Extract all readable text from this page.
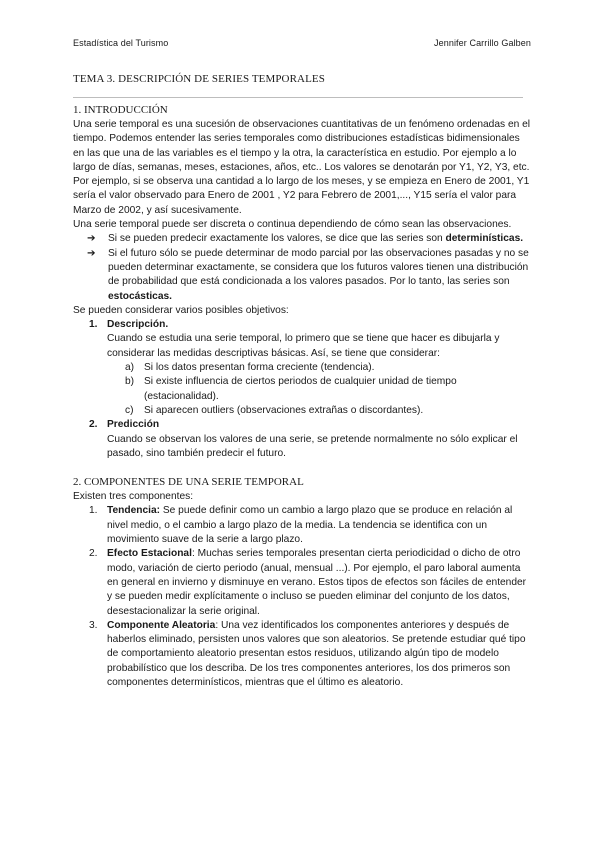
Estadística del Turismo	Jennifer Carrillo Galben
TEMA 3. DESCRIPCIÓN DE SERIES TEMPORALES
1. INTRODUCCIÓN

Una serie temporal es una sucesión de observaciones cuantitativas de un fenómeno ordenadas en el tiempo. Podemos entender las series temporales como distribuciones estadísticas bidimensionales en las que una de las variables es el tiempo y la otra, la característica en estudio. Por ejemplo a lo largo de días, semanas, meses, estaciones, años, etc.. Los valores se denotarán por Y1, Y2, Y3, etc. Por ejemplo, si se observa una cantidad a lo largo de los meses, y se empieza en Enero de 2001, Y1 sería el valor observado para Enero de 2001 , Y2 para Febrero de 2001,..., Y15 sería el valor para Marzo de 2002, y así sucesivamente.

Una serie temporal puede ser discreta o continua dependiendo de cómo sean las observaciones.

➔ Si se pueden predecir exactamente los valores, se dice que las series son determinísticas.
➔ Si el futuro sólo se puede determinar de modo parcial por las observaciones pasadas y no se pueden determinar exactamente, se considera que los futuros valores tienen una distribución de probabilidad que está condicionada a los valores pasados. Por lo tanto, las series son estocásticas.

Se pueden considerar varios posibles objetivos:

1. Descripción.
Cuando se estudia una serie temporal, lo primero que se tiene que hacer es dibujarla y considerar las medidas descriptivas básicas. Así, se tiene que considerar:
a) Si los datos presentan forma creciente (tendencia).
b) Si existe influencia de ciertos periodos de cualquier unidad de tiempo (estacionalidad).
c) Si aparecen outliers (observaciones extrañas o discordantes).
2. Predicción
Cuando se observan los valores de una serie, se pretende normalmente no sólo explicar el pasado, sino también predecir el futuro.
2. COMPONENTES DE UNA SERIE TEMPORAL

Existen tres componentes:

1. Tendencia: Se puede definir como un cambio a largo plazo que se produce en relación al nivel medio, o el cambio a largo plazo de la media. La tendencia se identifica con un movimiento suave de la serie a largo plazo.
2. Efecto Estacional: Muchas series temporales presentan cierta periodicidad o dicho de otro modo, variación de cierto periodo (anual, mensual ...). Por ejemplo, el paro laboral aumenta en general en invierno y disminuye en verano. Estos tipos de efectos son fáciles de entender y se pueden medir explícitamente o incluso se pueden eliminar del conjunto de los datos, desestacionalizar la serie original.
3. Componente Aleatoria: Una vez identificados los componentes anteriores y después de haberlos eliminado, persisten unos valores que son aleatorios. Se pretende estudiar qué tipo de comportamiento aleatorio presentan estos residuos, utilizando algún tipo de modelo probabilístico que los describa. De los tres componentes anteriores, los dos primeros son componentes determinísticos, mientras que el último es aleatorio.
